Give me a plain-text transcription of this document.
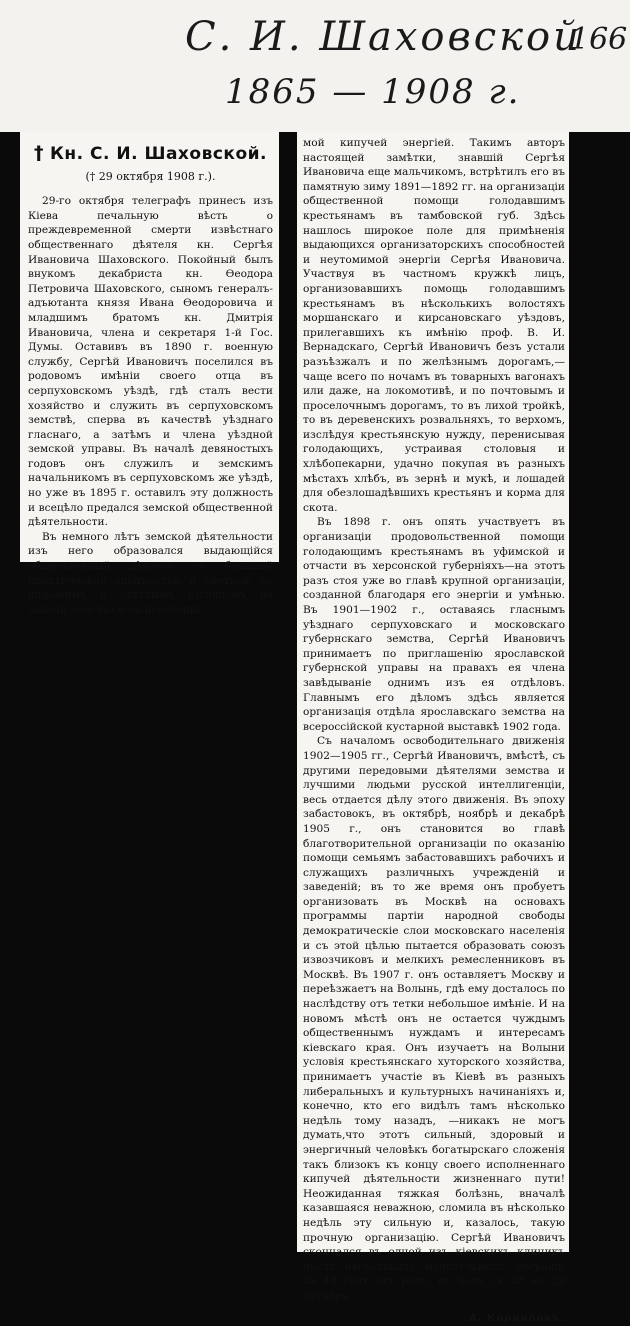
С. И. Шаховской
1865 — 1908 г.
166
† Кн. С. И. Шаховской.
(† 29 октября 1908 г.).

29-го октября телеграфъ принесъ изъ Кіева печальную вѣсть о преждевременной смерти извѣстнаго общественнаго дѣятеля кн. Сергѣя Ивановича Шаховского. Покойный былъ внукомъ декабриста кн. Ѳеодора Петровича Шаховского, сыномъ генералъ-адъютанта князя Ивана Ѳеодоровича и младшимъ братомъ кн. Дмитрія Ивановича, члена и секретаря 1-й Гос. Думы. Оставивъ въ 1890 г. военную службу, Сергѣй Ивановичъ поселился въ родовомъ имѣніи своего отца въ серпуховскомъ уѣздѣ, гдѣ сталъ вести хозяйство и служить въ серпуховскомъ земствѣ, сперва въ качествѣ уѣзднаго гласнаго, а затѣмъ и члена уѣздной земской управы. Въ началѣ девяностыхъ годовъ онъ служилъ и земскимъ начальникомъ въ серпуховскомъ же уѣздѣ, но уже въ 1895 г. оставилъ эту должность и всецѣло предался земской общественной дѣятельности.

Въ немного лѣтъ земской дѣятельности изъ него образовался выдающійся общественный дѣятель съ большой практической опытностью и сметкой, съ широкимъ и свѣтлымъ взглядомъ на задачи земства и съ неистощи-

мой кипучей энергіей. Такимъ авторъ настоящей замѣтки, знавшій Сергѣя Ивановича еще мальчикомъ, встрѣтилъ его въ памятную зиму 1891—1892 гг. на организаціи общественной помощи голодавшимъ крестьянамъ въ тамбовской губ. Здѣсь нашлось широкое поле для примѣненія выдающихся организаторскихъ способностей и неутомимой энергіи Сергѣя Ивановича. Участвуя въ частномъ кружкѣ лицъ, организовавшихъ помощь голодавшимъ крестьянамъ въ нѣсколькихъ волостяхъ моршанскаго и кирсановскаго уѣздовъ, прилегавшихъ къ имѣнію проф. В. И. Вернадскаго, Сергѣй Ивановичъ безъ устали разъѣзжалъ и по желѣзнымъ дорогамъ,—чаще всего по ночамъ въ товарныхъ вагонахъ или даже, на локомотивѣ, и по почтовымъ и проселочнымъ дорогамъ, то въ лихой тройкѣ, то въ деревенскихъ розвальняхъ, то верхомъ, изслѣдуя крестьянскую нужду, перенисывая голодающихъ, устраивая столовыя и хлѣбопекарни, удачно покупая въ разныхъ мѣстахъ хлѣбъ, въ зернѣ и мукѣ, и лошадей для обезлошадѣвшихъ крестьянъ и корма для скота.

Въ 1898 г. онъ опять участвуетъ въ организаціи продовольственной помощи голодающимъ крестьянамъ въ уфимской и отчасти въ херсонской губерніяхъ—на этотъ разъ стоя уже во главѣ крупной организаціи, созданной благодаря его энергіи и умѣнью. Въ 1901—1902 г., оставаясь гласнымъ уѣзднаго серпуховскаго и московскаго губернскаго земства, Сергѣй Ивановичъ принимаетъ по приглашенію ярославской губернской управы на правахъ ея члена завѣдываніе однимъ изъ ея отдѣловъ. Главнымъ его дѣломъ здѣсь является организація отдѣла ярославскаго земства на всероссійской кустарной выставкѣ 1902 года.

Съ началомъ освободительнаго движенія 1902—1905 гг., Сергѣй Ивановичъ, вмѣстѣ, съ другими передовыми дѣятелями земства и лучшими людьми русской интеллигенціи, весь отдается дѣлу этого движенія. Въ эпоху забастовокъ, въ октябрѣ, ноябрѣ и декабрѣ 1905 г., онъ становится во главѣ благотворительной организаціи по оказанію помощи семьямъ забастовавшихъ рабочихъ и служащихъ различныхъ учрежденій и заведеній; въ то же время онъ пробуетъ организовать въ Москвѣ на основахъ программы партіи народной свободы демократическіе слои московскаго населенія и съ этой цѣлью пытается образовать союзъ извозчиковъ и мелкихъ ремесленниковъ въ Москвѣ. Въ 1907 г. онъ оставляетъ Москву и переѣзжаетъ на Волынь, гдѣ ему досталось по наслѣдству отъ тетки небольшое имѣніе. И на новомъ мѣстѣ онъ не остается чуждымъ общественнымъ нуждамъ и интересамъ кіевскаго края. Онъ изучаетъ на Волыни условія крестьянскаго хуторского хозяйства, принимаетъ участіе въ Кіевѣ въ разныхъ либеральныхъ и культурныхъ начинаніяхъ и, конечно, кто его видѣлъ тамъ нѣсколько недѣль тому назадъ, —никакъ не могъ думать,что этотъ сильный, здоровый и энергичный человѣкъ богатырскаго сложенія такъ близокъ къ концу своего исполненнаго кипучей дѣятельности жизненнаго пути! Неожиданная тяжкая болѣзнь, вначалѣ казавшаяся неважною, сломила въ нѣсколько недѣль эту сильную и, казалось, такую прочную организацію. Сергѣй Ивановичъ скончался въ одной изъ кіевскихъ клиникъ послѣ нѣсколькихъ мучительныхъ операцій на 44 году отъ роду, въ ночь съ 28 на 29 октября.

А. Корниловъ.
